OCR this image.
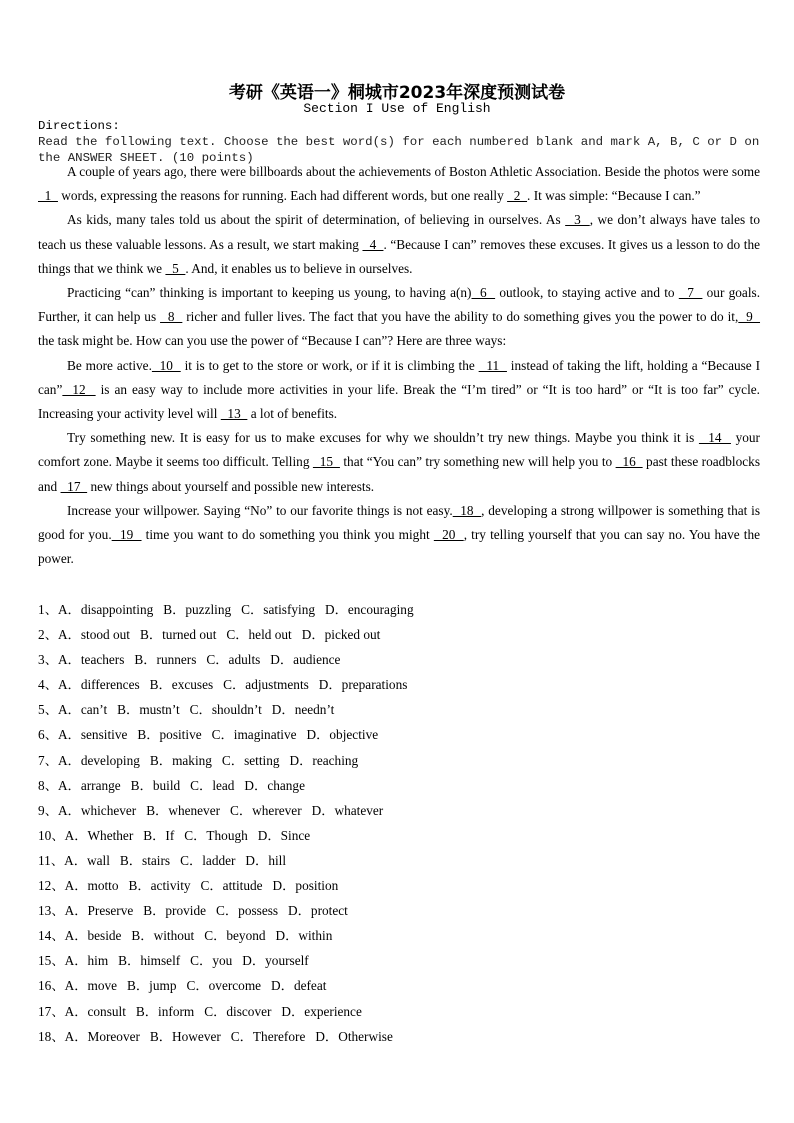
考研《英语一》桐城市2023年深度预测试卷
Section I Use of English
Directions:
Read the following text. Choose the best word(s) for each numbered blank and mark A, B, C or D on the ANSWER SHEET. (10 points)

A couple of years ago, there were billboards about the achievements of Boston Athletic Association. Beside the photos were some   1   words, expressing the reasons for running. Each had different words, but one really   2  . It was simple: “Because I can.”

As kids, many tales told us about the spirit of determination, of believing in ourselves. As   3  , we don’t always have tales to teach us these valuable lessons. As a result, we start making   4  . “Because I can” removes these excuses. It gives us a lesson to do the things that we think we   5  . And, it enables us to believe in ourselves.

Practicing “can” thinking is important to keeping us young, to having a(n)  6   outlook, to staying active and to   7   our goals. Further, it can help us   8   richer and fuller lives. The fact that you have the ability to do something gives you the power to do it,  9   the task might be. How can you use the power of “Because I can”? Here are three ways:

Be more active.  10   it is to get to the store or work, or if it is climbing the   11   instead of taking the lift, holding a “Because I can”  12   is an easy way to include more activities in your life. Break the “I’m tired” or “It is too hard” or “It is too far” cycle. Increasing your activity level will   13   a lot of benefits.

Try something new. It is easy for us to make excuses for why we shouldn’t try new things. Maybe you think it is   14   your comfort zone. Maybe it seems too difficult. Telling   15   that “You can” try something new will help you to   16   past these roadblocks and   17   new things about yourself and possible new interests.

Increase your willpower. Saying “No” to our favorite things is not easy.  18  , developing a strong willpower is something that is good for you.  19   time you want to do something you think you might   20  , try telling yourself that you can say no. You have the power.

1、A．disappointing   B．puzzling   C．satisfying   D．encouraging
2、A．stood out   B．turned out   C．held out   D．picked out
3、A．teachers   B．runners   C．adults   D．audience
4、A．differences   B．excuses   C．adjustments   D．preparations
5、A．can’t   B．mustn’t   C．shouldn’t   D．needn’t
6、A．sensitive   B．positive   C．imaginative   D．objective
7、A．developing   B．making   C．setting   D．reaching
8、A．arrange   B．build   C．lead   D．change
9、A．whichever   B．whenever   C．wherever   D．whatever
10、A．Whether   B．If   C．Though   D．Since
11、A．wall   B．stairs   C．ladder   D．hill
12、A．motto   B．activity   C．attitude   D．position
13、A．Preserve   B．provide   C．possess   D．protect
14、A．beside   B．without   C．beyond   D．within
15、A．him   B．himself   C．you   D．yourself
16、A．move   B．jump   C．overcome   D．defeat
17、A．consult   B．inform   C．discover   D．experience
18、A．Moreover   B．However   C．Therefore   D．Otherwise
